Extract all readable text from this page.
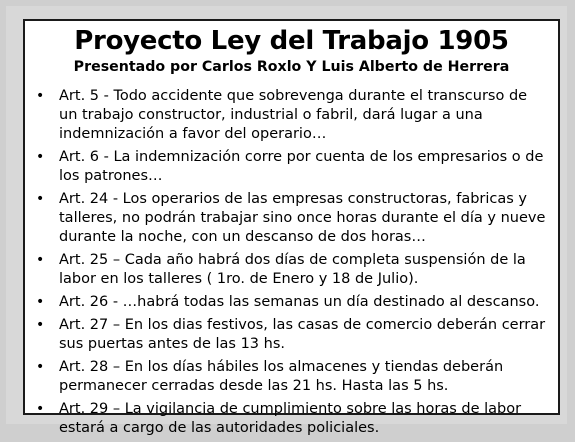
Proyecto Ley del Trabajo 1905
Presentado por Carlos Roxlo Y Luis Alberto de Herrera
• Art. 5 - Todo accidente que sobrevenga durante el transcurso de un trabajo constructor, industrial o fabril, dará lugar a una indemnización a favor del operario…
• Art. 6 - La indemnización corre por cuenta de los empresarios o de los patrones…
• Art. 24 - Los operarios de las empresas constructoras, fabricas y talleres, no podrán trabajar sino once horas durante el día y nueve durante la noche, con un descanso de dos horas…
• Art. 25 – Cada año habrá dos días de completa suspensión de la labor en los talleres ( 1ro. de Enero y 18 de Julio).
• Art. 26 - …habrá todas las semanas un día destinado al descanso.
• Art. 27 – En los dias festivos, las casas de comercio deberán cerrar sus puertas antes de las 13 hs.
• Art. 28 – En los días hábiles los almacenes y tiendas deberán permanecer cerradas desde las 21 hs. Hasta las 5 hs.
• Art. 29 – La vigilancia de cumplimiento sobre las horas de labor estará a cargo de las autoridades policiales.
